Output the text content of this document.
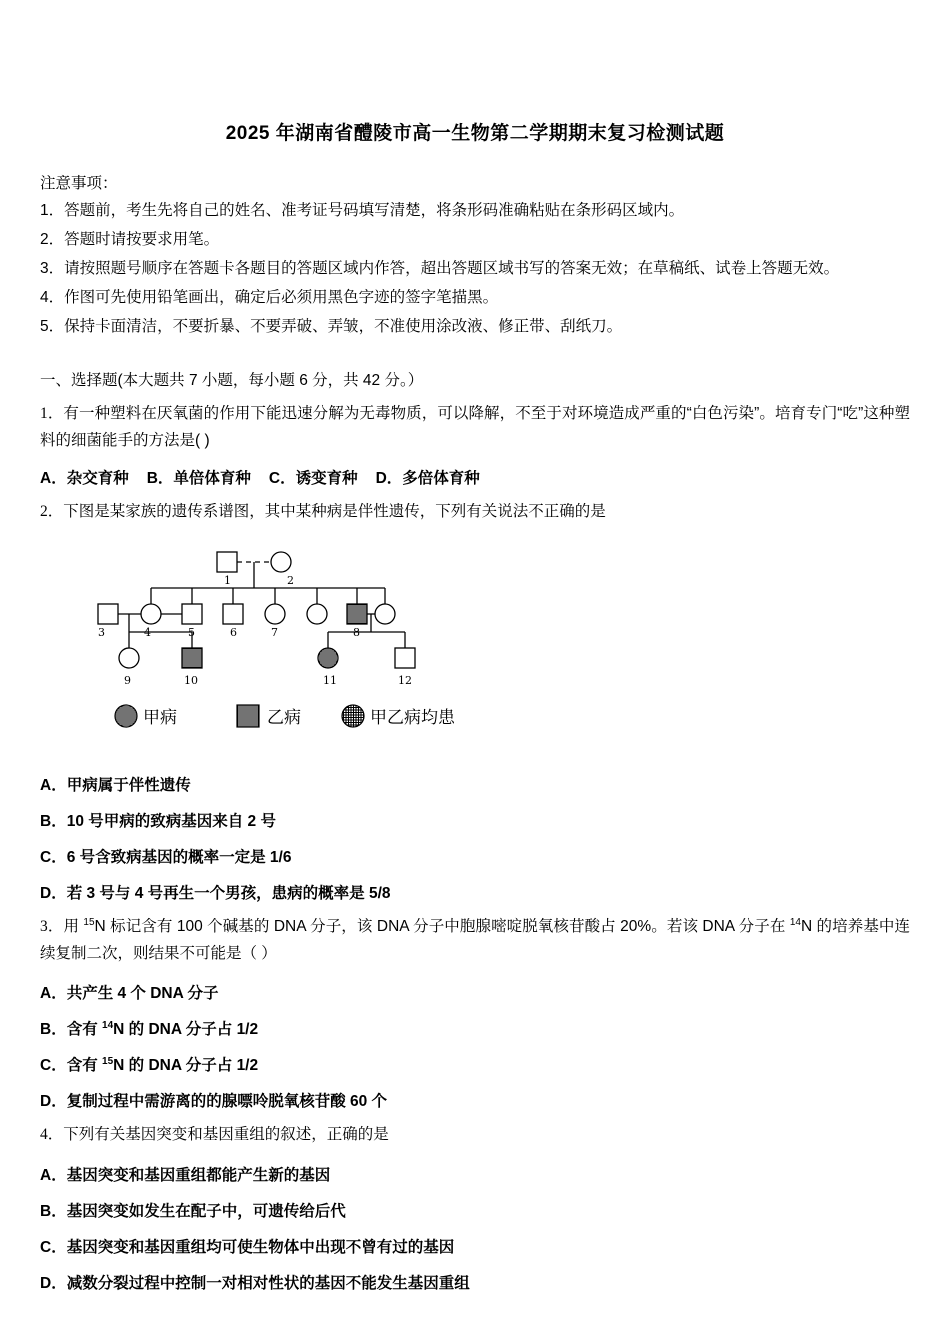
2025 年湖南省醴陵市高一生物第二学期期末复习检测试题
注意事项：
1．答题前，考生先将自己的姓名、准考证号码填写清楚，将条形码准确粘贴在条形码区域内。
2．答题时请按要求用笔。
3．请按照题号顺序在答题卡各题目的答题区域内作答，超出答题区域书写的答案无效；在草稿纸、试卷上答题无效。
4．作图可先使用铅笔画出，确定后必须用黑色字迹的签字笔描黑。
5．保持卡面清洁，不要折暴、不要弄破、弄皱，不准使用涂改液、修正带、刮纸刀。
一、选择题(本大题共 7 小题，每小题 6 分，共 42 分。）
1．有一种塑料在厌氧菌的作用下能迅速分解为无毒物质，可以降解，不至于对环境造成严重的“白色污染”。培育专门“吃”这种塑料的细菌能手的方法是( )
A．杂交育种 B．单倍体育种 C．诱变育种 D．多倍体育种
2．下图是某家族的遗传系谱图，其中某种病是伴性遗传，下列有关说法不正确的是
1	2
3	4	5	6	7	8
9	10	11	12
甲病	乙病	甲乙病均患
A．甲病属于伴性遗传
B．10 号甲病的致病基因来自 2 号
C．6 号含致病基因的概率一定是 1/6
D．若 3 号与 4 号再生一个男孩，患病的概率是 5/8
3．用 $^{15}$N 标记含有 100 个碱基的 DNA 分子，该 DNA 分子中胞腺嘧啶脱氧核苷酸占 20%。若该 DNA 分子在 $^{14}$N 的培养基中连续复制二次，则结果不可能是（ ）
A．共产生 4 个 DNA 分子
B．含有 $^{14}$N 的 DNA 分子占 1/2
C．含有 $^{15}$N 的 DNA 分子占 1/2
D．复制过程中需游离的的腺嘌呤脱氧核苷酸 60 个
4．下列有关基因突变和基因重组的叙述，正确的是
A．基因突变和基因重组都能产生新的基因
B．基因突变如发生在配子中，可遗传给后代
C．基因突变和基因重组均可使生物体中出现不曾有过的基因
D．减数分裂过程中控制一对相对性状的基因不能发生基因重组
